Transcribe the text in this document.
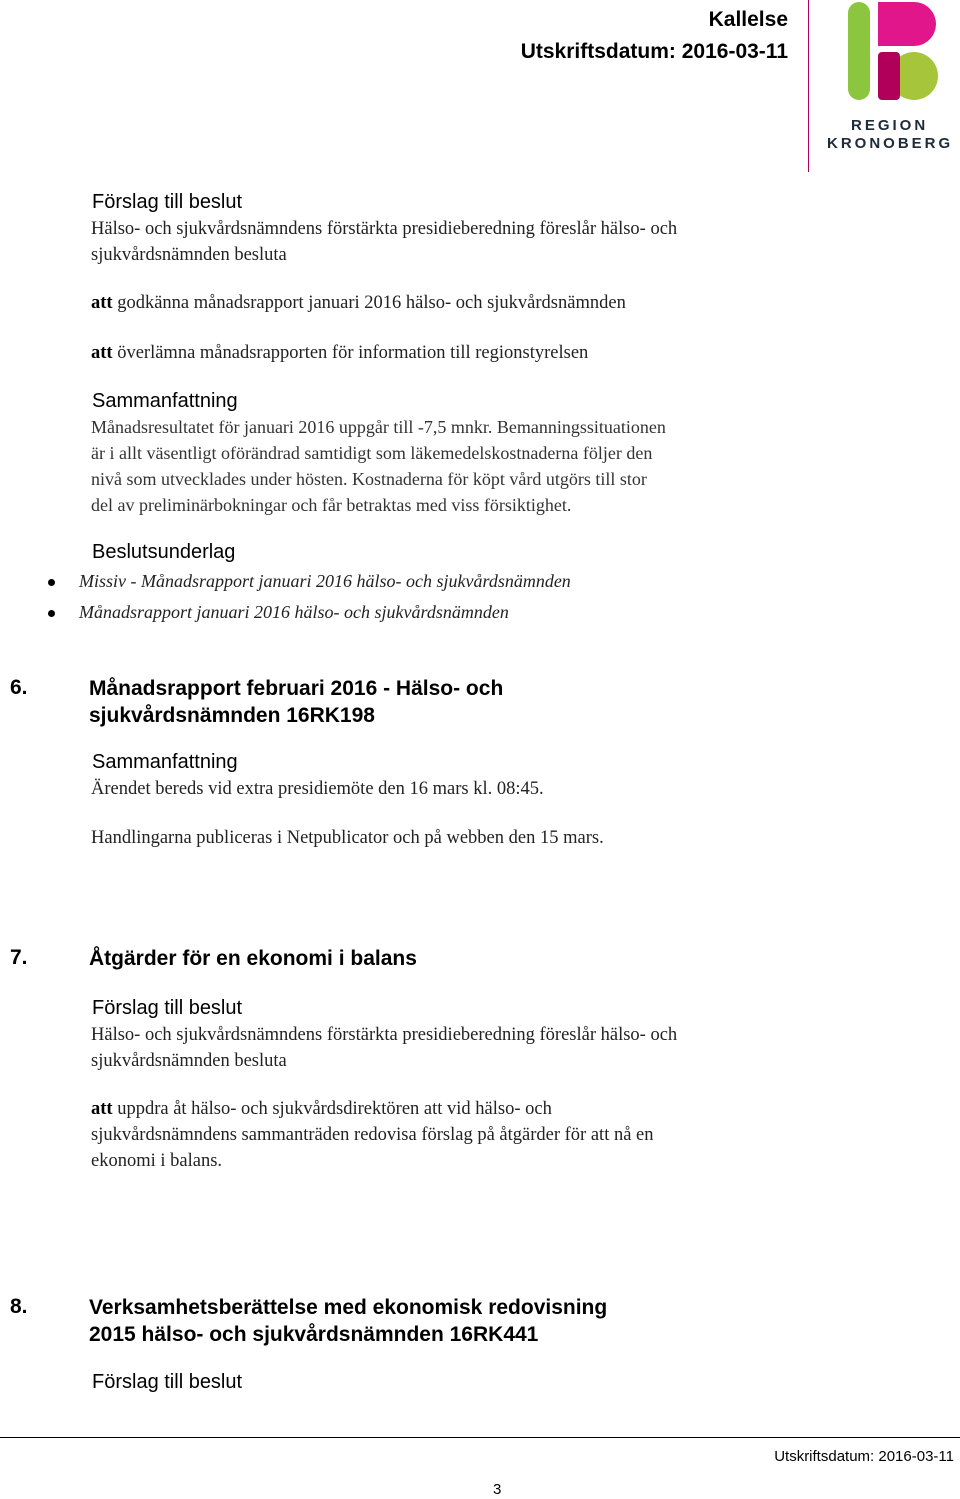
Kallelse
Utskriftsdatum: 2016-03-11
REGION
KRONOBERG
Förslag till beslut
Hälso- och sjukvårdsnämndens förstärkta presidieberedning föreslår hälso- och
sjukvårdsnämnden besluta
att godkänna månadsrapport januari 2016 hälso- och sjukvårdsnämnden
att överlämna månadsrapporten för information till regionstyrelsen
Sammanfattning
Månadsresultatet för januari 2016 uppgår till -7,5 mnkr. Bemanningssituationen
är i allt väsentligt oförändrad samtidigt som läkemedelskostnaderna följer den
nivå som utvecklades under hösten. Kostnaderna för köpt vård utgörs till stor
del av preliminärbokningar och får betraktas med viss försiktighet.
Beslutsunderlag
Missiv - Månadsrapport januari 2016 hälso- och sjukvårdsnämnden
Månadsrapport januari 2016 hälso- och sjukvårdsnämnden
6.	Månadsrapport februari 2016 - Hälso- och
sjukvårdsnämnden 16RK198
Sammanfattning
Ärendet bereds vid extra presidiemöte den 16 mars kl. 08:45.
Handlingarna publiceras i Netpublicator och på webben den 15 mars.
7.	Åtgärder för en ekonomi i balans
Förslag till beslut
Hälso- och sjukvårdsnämndens förstärkta presidieberedning föreslår hälso- och
sjukvårdsnämnden besluta
att uppdra åt hälso- och sjukvårdsdirektören att vid hälso- och
sjukvårdsnämndens sammanträden redovisa förslag på åtgärder för att nå en
ekonomi i balans.
8.	Verksamhetsberättelse med ekonomisk redovisning
2015 hälso- och sjukvårdsnämnden 16RK441
Förslag till beslut
Utskriftsdatum: 2016-03-11
3
